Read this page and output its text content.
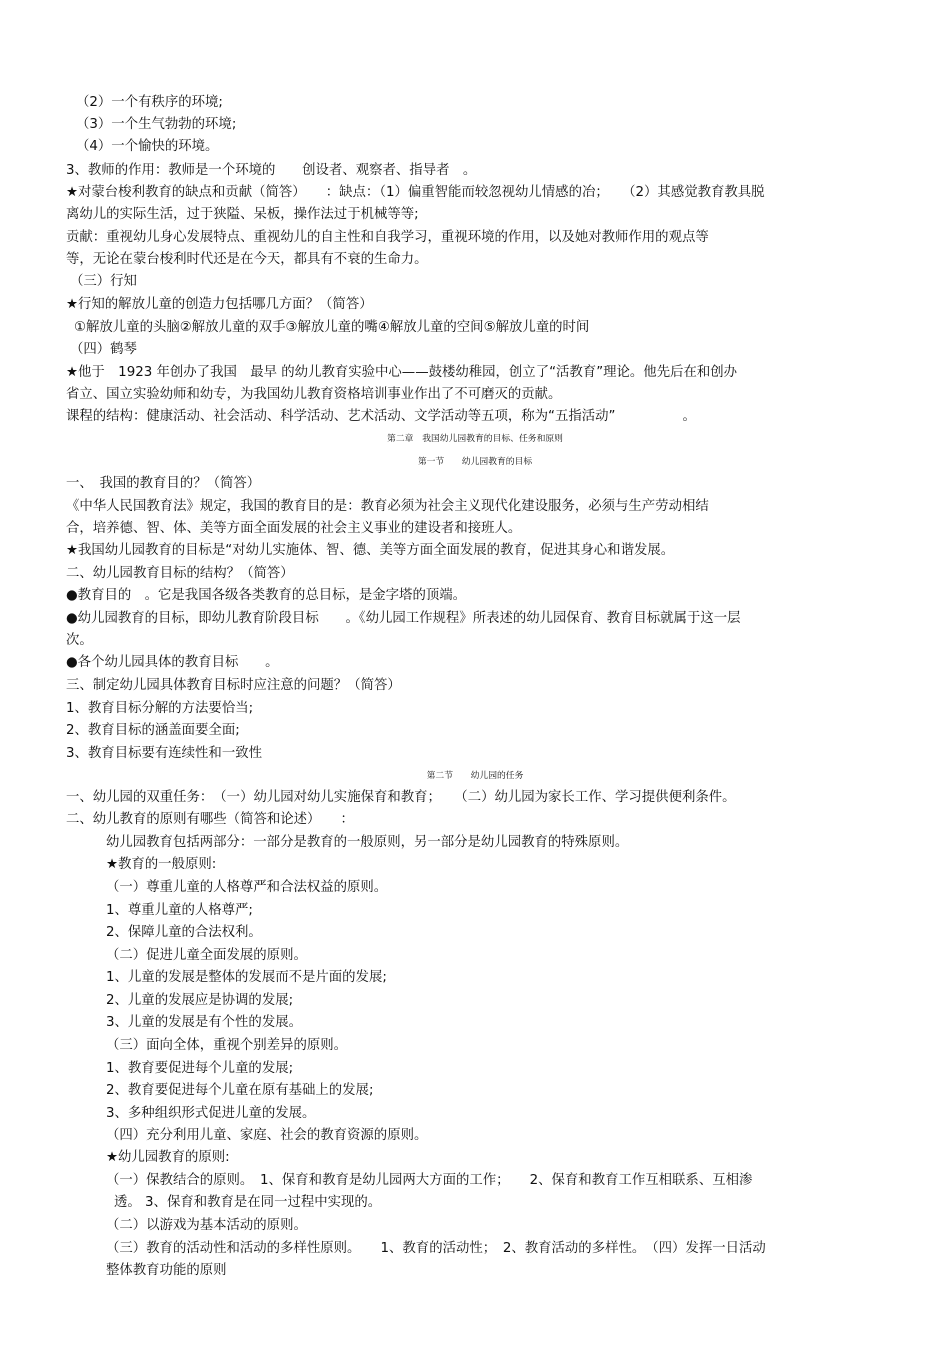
（2）一个有秩序的环境;
（3）一个生气勃勃的环境;
（4）一个愉快的环境。
3、教师的作用：教师是一个环境的　　创设者、观察者、指导者　。
★对蒙台梭利教育的缺点和贡献（简答）　　：缺点：（1）偏重智能而较忽视幼儿情感的冶；　　（2）其感觉教育教具脱
离幼儿的实际生活，过于狭隘、呆板，操作法过于机械等等;
贡献：重视幼儿身心发展特点、重视幼儿的自主性和自我学习，重视环境的作用，以及她对教师作用的观点等
等，无论在蒙台梭利时代还是在今天，都具有不衰的生命力。
（三）行知
★行知的解放儿童的创造力包括哪几方面？（简答）
①解放儿童的头脑②解放儿童的双手③解放儿童的嘴④解放儿童的空间⑤解放儿童的时间
（四）鹤琴
★他于　1923 年创办了我国　最早 的幼儿教育实验中心——鼓楼幼稚园，创立了“活教育”理论。他先后在和创办
省立、国立实验幼师和幼专，为我国幼儿教育资格培训事业作出了不可磨灭的贡献。
课程的结构：健康活动、社会活动、科学活动、艺术活动、文学活动等五项，称为“五指活动”　　　　　。
第二章　我国幼儿园教育的目标、任务和原则
第一节　　幼儿园教育的目标
一、　我国的教育目的？（简答）
《中华人民国教育法》规定，我国的教育目的是：教育必须为社会主义现代化建设服务，必须与生产劳动相结
合，培养德、智、体、美等方面全面发展的社会主义事业的建设者和接班人。
★我国幼儿园教育的目标是“对幼儿实施体、智、德、美等方面全面发展的教育，促进其身心和谐发展。
二、幼儿园教育目标的结构？（简答）
●教育目的　。它是我国各级各类教育的总目标，是金字塔的顶端。
●幼儿园教育的目标，即幼儿教育阶段目标　　。《幼儿园工作规程》所表述的幼儿园保育、教育目标就属于这一层
次。
●各个幼儿园具体的教育目标　　。
三、制定幼儿园具体教育目标时应注意的问题？（简答）
1、教育目标分解的方法要恰当;
2、教育目标的涵盖面要全面;
3、教育目标要有连续性和一致性
第二节　　幼儿园的任务
一、幼儿园的双重任务：　（一）幼儿园对幼儿实施保育和教育；　　（二）幼儿园为家长工作、学习提供便利条件。
二、幼儿教育的原则有哪些（简答和论述）　　：
幼儿园教育包括两部分：一部分是教育的一般原则，另一部分是幼儿园教育的特殊原则。
★教育的一般原则:
（一）尊重儿童的人格尊严和合法权益的原则。
1、尊重儿童的人格尊严;
2、保障儿童的合法权利。
（二）促进儿童全面发展的原则。
1、儿童的发展是整体的发展而不是片面的发展;
2、儿童的发展应是协调的发展;
3、儿童的发展是有个性的发展。
（三）面向全体，重视个别差异的原则。
1、教育要促进每个儿童的发展;
2、教育要促进每个儿童在原有基础上的发展;
3、多种组织形式促进儿童的发展。
（四）充分利用儿童、家庭、社会的教育资源的原则。
★幼儿园教育的原则:
（一）保教结合的原则。　1、保育和教育是幼儿园两大方面的工作；　　2、保育和教育工作互相联系、互相渗
透。 3、保育和教育是在同一过程中实现的。
（二）以游戏为基本活动的原则。
（三）教育的活动性和活动的多样性原则。　　1、教育的活动性；　2、教育活动的多样性。　（四）发挥一日活动
整体教育功能的原则
